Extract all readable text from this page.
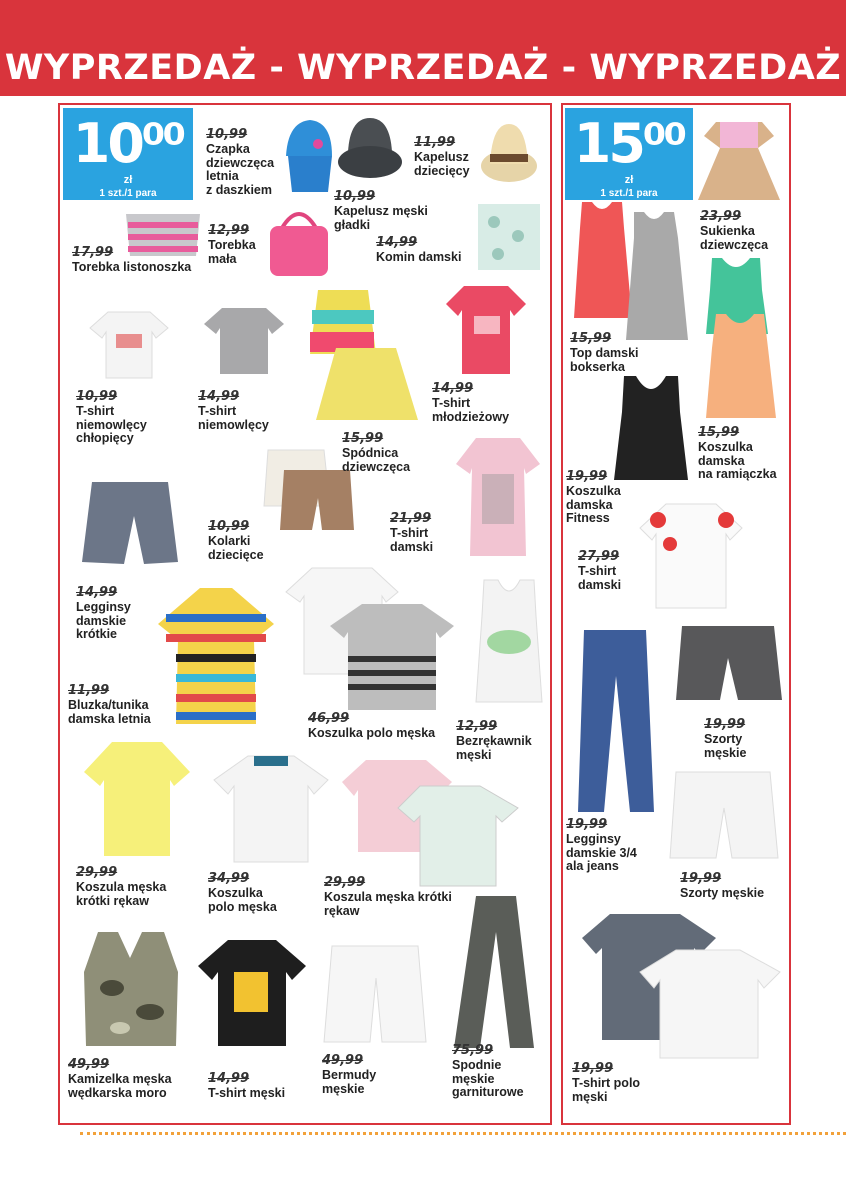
WYPRZEDAŻ - WYPRZEDAŻ - WYPRZEDAŻ
10⁰⁰
zł
1 szt./1 para
15⁰⁰
zł
1 szt./1 para
10,99
Czapka
dziewczęca
letnia
z daszkiem
11,99
Kapelusz
dziecięcy
10,99
Kapelusz męski
gładki
12,99
Torebka
mała
17,99
Torebka listonoszka
14,99
Komin damski
10,99
T-shirt
niemowlęcy
chłopięcy
14,99
T-shirt
niemowlęcy
14,99
T-shirt
młodzieżowy
15,99
Spódnica
dziewczęca
10,99
Kolarki
dziecięce
21,99
T-shirt
damski
14,99
Legginsy
damskie
krótkie
11,99
Bluzka/tunika
damska letnia	46,99
Koszulka polo męska 12,99
Bezrękawnik
męski
29,99
Koszula męska
krótki rękaw
34,99
Koszulka
polo męska
29,99
Koszula męska krótki
rękaw
49,99
Kamizelka męska
wędkarska moro
14,99
T-shirt męski
49,99
Bermudy
męskie
75,99
Spodnie
męskie
garniturowe
23,99
Sukienka
dziewczęca
15,99
Top damski
bokserka
15,99
Koszulka
damska
na ramiączka
19,99
Koszulka
damska
Fitness
27,99
T-shirt
damski
19,99
Szorty
męskie
19,99
Legginsy
damskie 3/4
ala jeans
19,99
Szorty męskie
19,99
T-shirt polo
męski
